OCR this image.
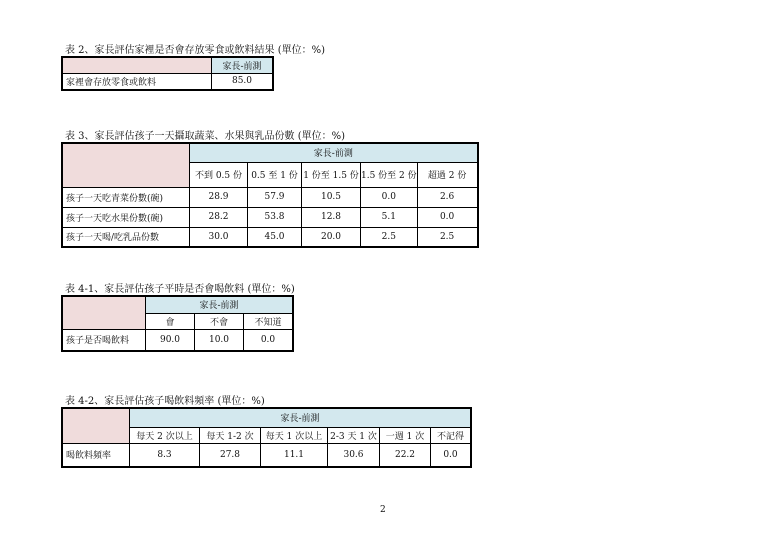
表 2、家長評估家裡是否會存放零食或飲料結果 (單位：%)
	家長-前測
家裡會存放零食或飲料	85.0
表 3、家長評估孩子一天攝取蔬菜、水果與乳品份數 (單位：%)
	家長-前測				
	不到 0.5 份	0.5 至 1 份	1 份至 1.5 份	1.5 份至 2 份	超過 2 份
孩子一天吃青菜份數(碗)	28.9	57.9	10.5	0.0	2.6
孩子一天吃水果份數(碗)	28.2	53.8	12.8	5.1	0.0
孩子一天喝/吃乳品份數	30.0	45.0	20.0	2.5	2.5
表 4-1、家長評估孩子平時是否會喝飲料 (單位：%)
	家長-前測		
	會	不會	不知道
孩子是否喝飲料	90.0	10.0	0.0
表 4-2、家長評估孩子喝飲料頻率 (單位：%)
	家長-前測					
	每天 2 次以上	每天 1-2 次	每天 1 次以上	2-3 天 1 次	一週 1 次	不記得
喝飲料頻率	8.3	27.8	11.1	30.6	22.2	0.0
2
